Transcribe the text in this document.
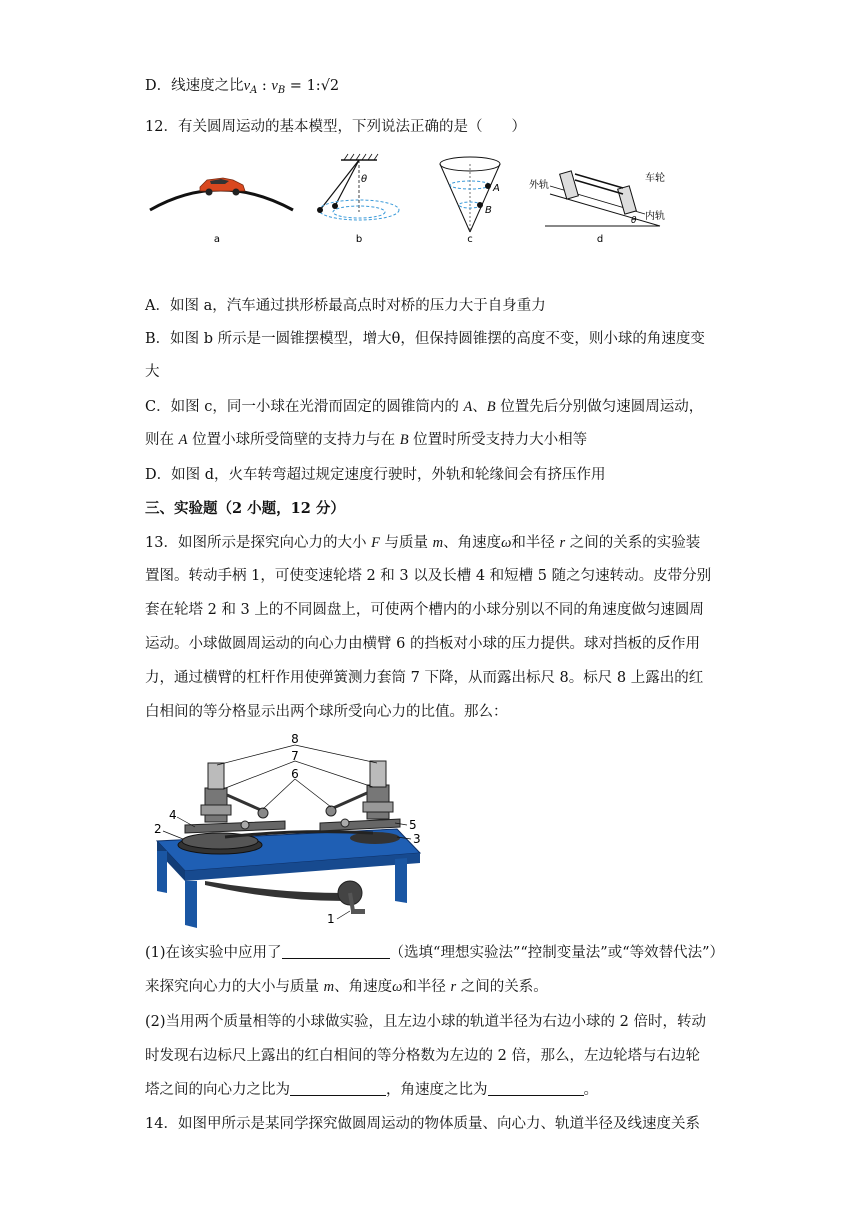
D．线速度之比$v_A$ : $v_B$ = 1:√2
12．有关圆周运动的基本模型，下列说法正确的是（　　）
a
θ
b
A
B
c
外轨
车轮
内轨
θ
d
A．如图 a，汽车通过拱形桥最高点时对桥的压力大于自身重力
B．如图 b 所示是一圆锥摆模型，增大θ，但保持圆锥摆的高度不变，则小球的角速度变
大
C．如图 c，同一小球在光滑而固定的圆锥筒内的 A、B 位置先后分别做匀速圆周运动，
则在 A 位置小球所受筒壁的支持力与在 B 位置时所受支持力大小相等
D．如图 d，火车转弯超过规定速度行驶时，外轨和轮缘间会有挤压作用
三、实验题（2 小题，12 分）
13．如图所示是探究向心力的大小 F 与质量 m、角速度ω和半径 r 之间的关系的实验装
置图。转动手柄 1，可使变速轮塔 2 和 3 以及长槽 4 和短槽 5 随之匀速转动。皮带分别
套在轮塔 2 和 3 上的不同圆盘上，可使两个槽内的小球分别以不同的角速度做匀速圆周
运动。小球做圆周运动的向心力由横臂 6 的挡板对小球的压力提供。球对挡板的反作用
力，通过横臂的杠杆作用使弹簧测力套筒 7 下降，从而露出标尺 8。标尺 8 上露出的红
白相间的等分格显示出两个球所受向心力的比值。那么：
8
7
6
4
2	5
3
1
(1)在该实验中应用了	（选填“理想实验法”“控制变量法”或“等效替代法”）
来探究向心力的大小与质量 m、角速度ω和半径 r 之间的关系。
(2)当用两个质量相等的小球做实验，且左边小球的轨道半径为右边小球的 2 倍时，转动
时发现右边标尺上露出的红白相间的等分格数为左边的 2 倍，那么，左边轮塔与右边轮
塔之间的向心力之比为	，角速度之比为	。
14．如图甲所示是某同学探究做圆周运动的物体质量、向心力、轨道半径及线速度关系
